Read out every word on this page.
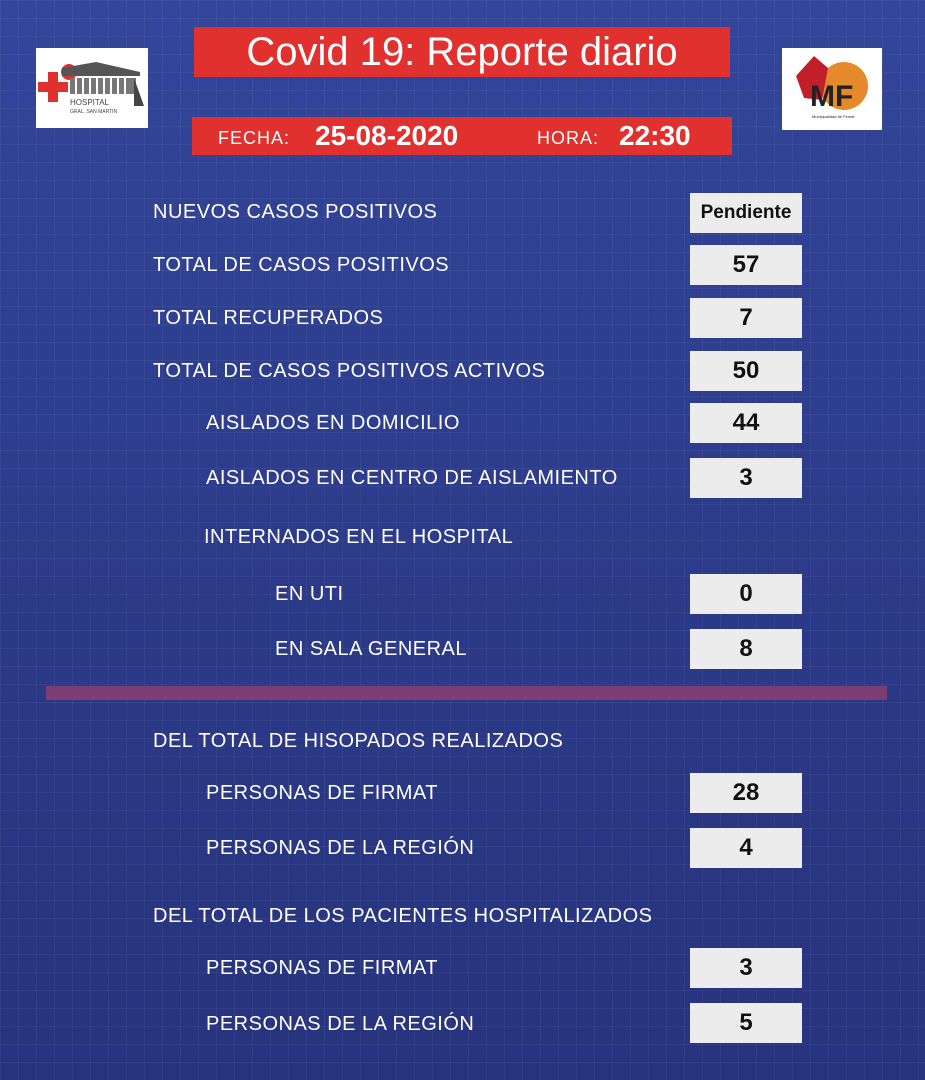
Covid 19: Reporte diario
HOSPITAL
GRAL. SAN MARTIN	MF
Municipalidad de Firmat
FECHA: 25-08-2020	HORA: 22:30
NUEVOS CASOS POSITIVOS	Pendiente
TOTAL DE CASOS POSITIVOS	57
TOTAL RECUPERADOS	7
TOTAL DE CASOS POSITIVOS ACTIVOS	50
AISLADOS EN DOMICILIO	44
AISLADOS EN CENTRO DE AISLAMIENTO	3
INTERNADOS EN EL HOSPITAL
EN UTI	0
EN SALA GENERAL	8
DEL TOTAL DE HISOPADOS REALIZADOS
PERSONAS DE FIRMAT	28
PERSONAS DE LA REGIÓN	4
DEL TOTAL DE LOS PACIENTES HOSPITALIZADOS
PERSONAS DE FIRMAT	3
PERSONAS DE LA REGIÓN	5
